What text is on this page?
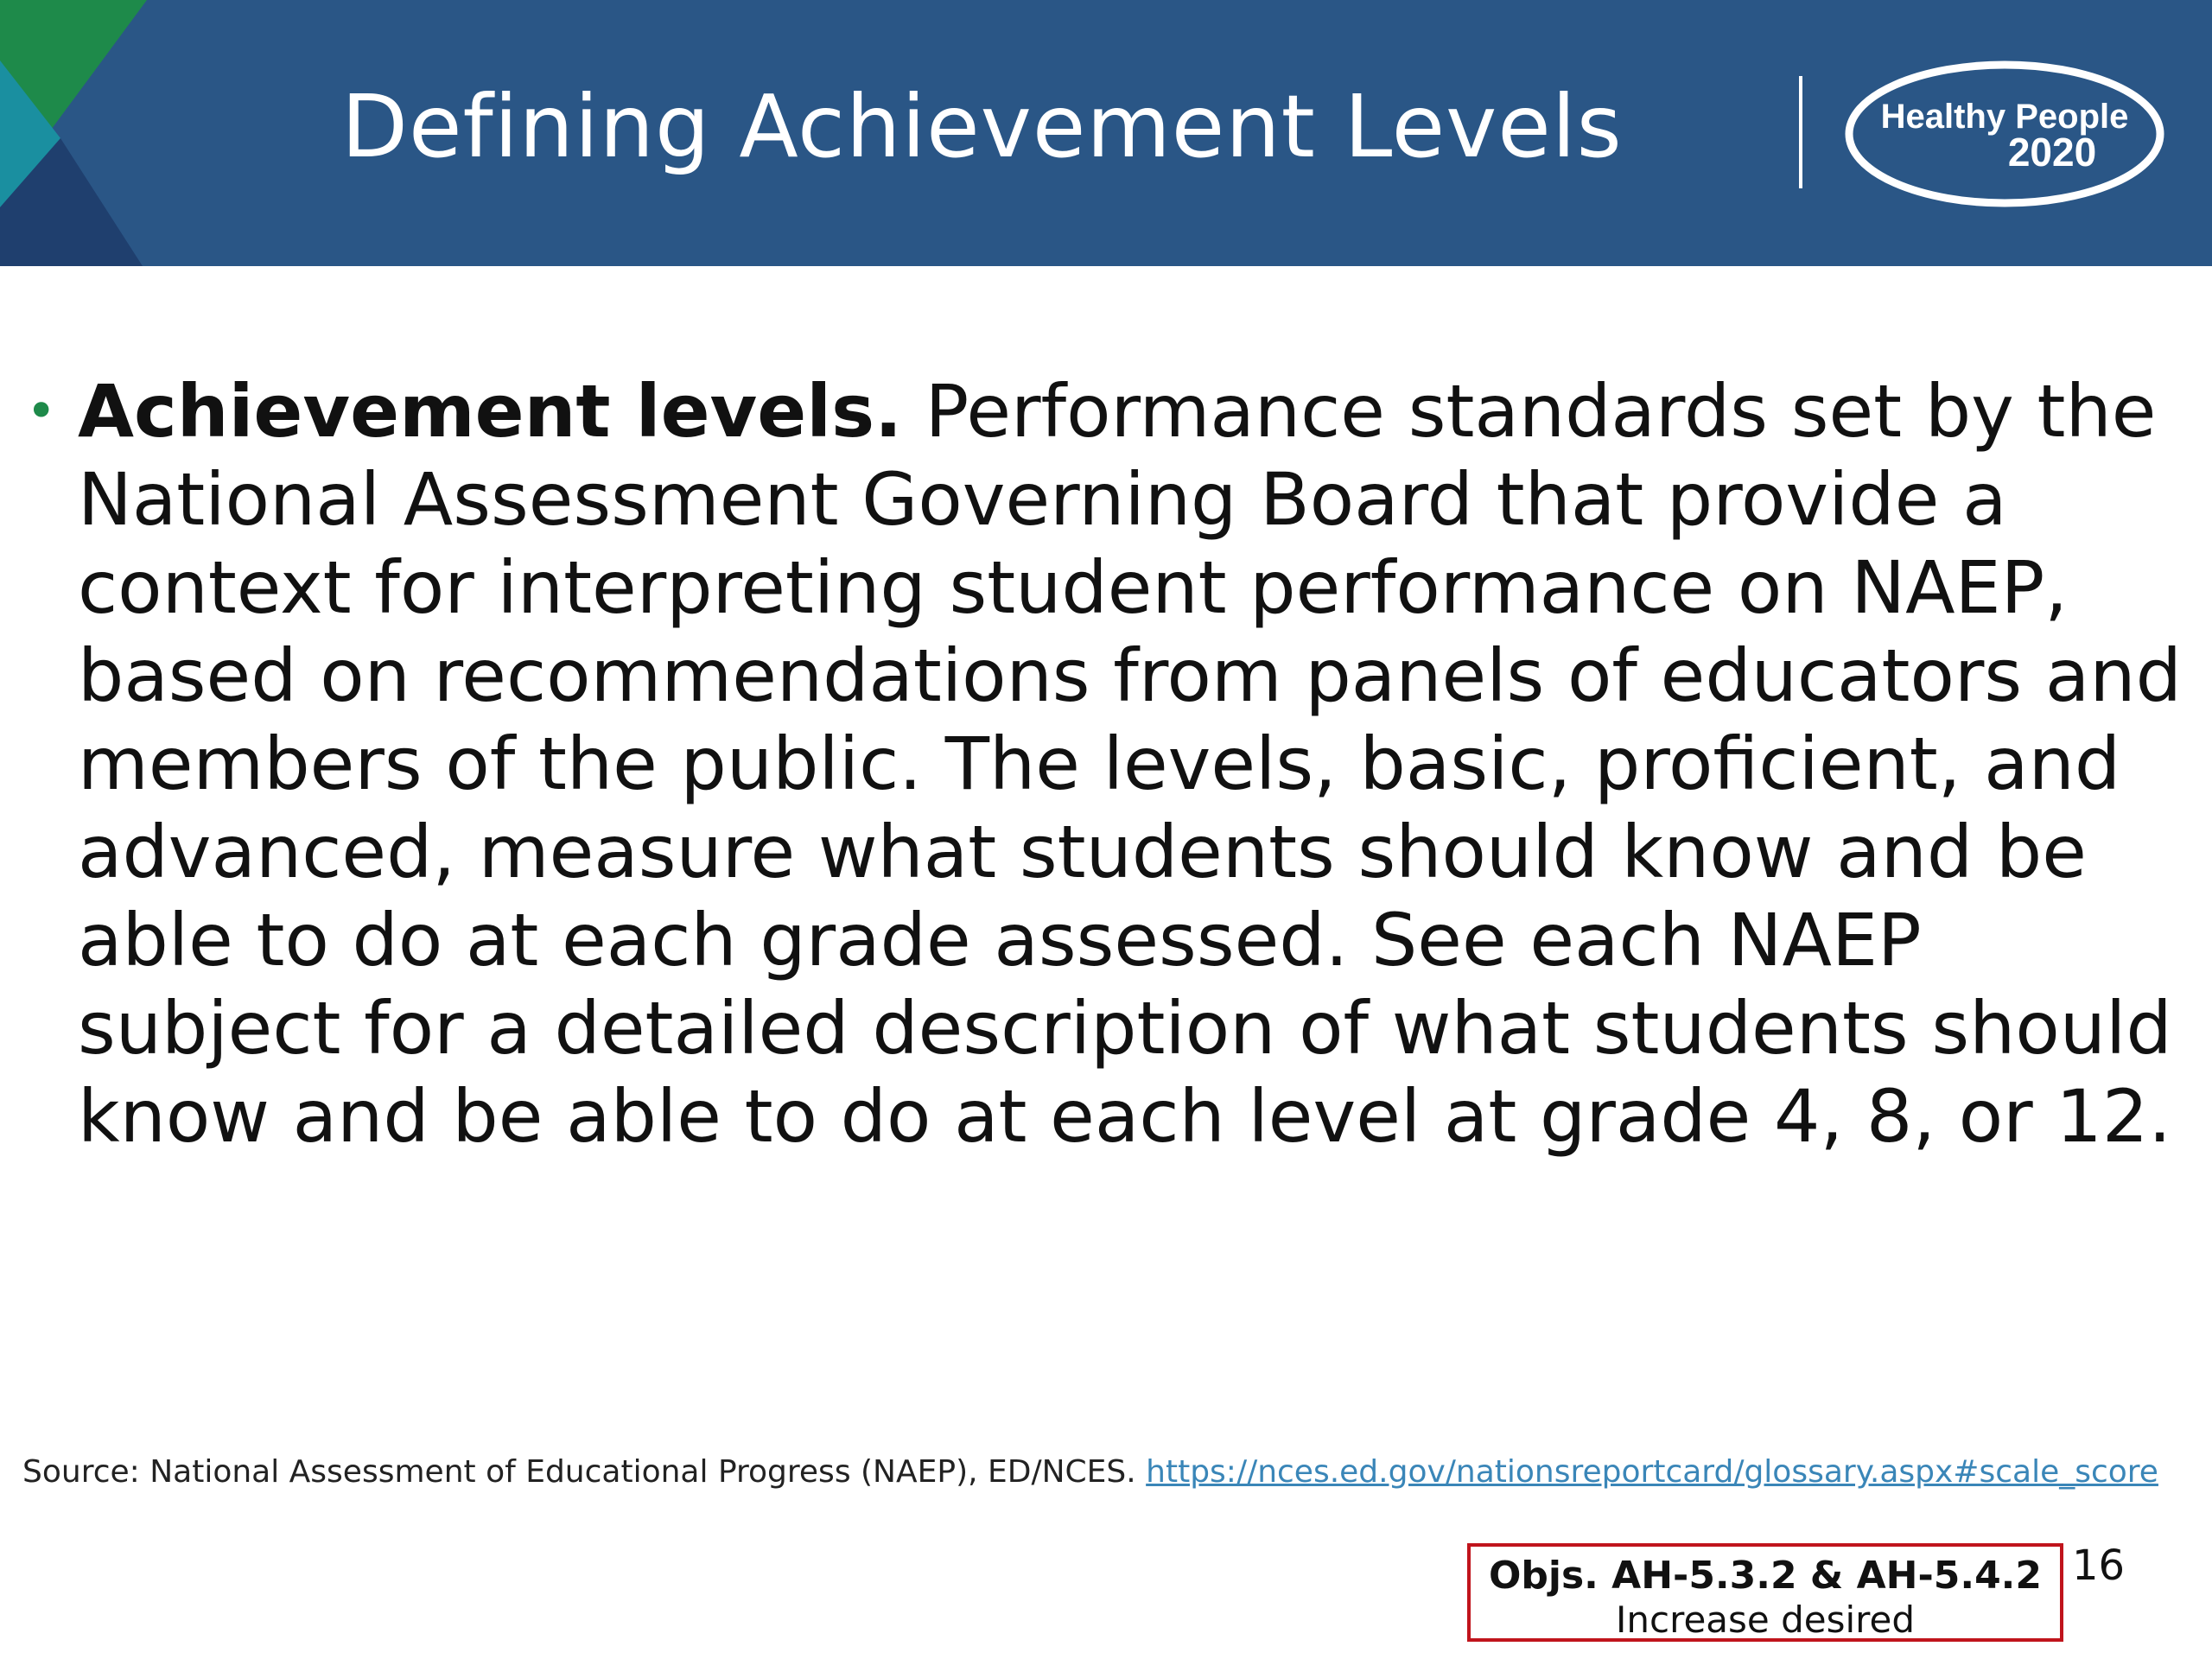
Defining Achievement Levels	Healthy People
2020
• Achievement levels. Performance standards set by the National Assessment Governing Board that provide a context for interpreting student performance on NAEP, based on recommendations from panels of educators and members of the public. The levels, basic, proficient, and advanced, measure what students should know and be able to do at each grade assessed. See each NAEP subject for a detailed description of what students should know and be able to do at each level at grade 4, 8, or 12.
Source: National Assessment of Educational Progress (NAEP), ED/NCES. https://nces.ed.gov/nationsreportcard/glossary.aspx#scale_score
Objs. AH-5.3.2 & AH-5.4.2
Increase desired
16
